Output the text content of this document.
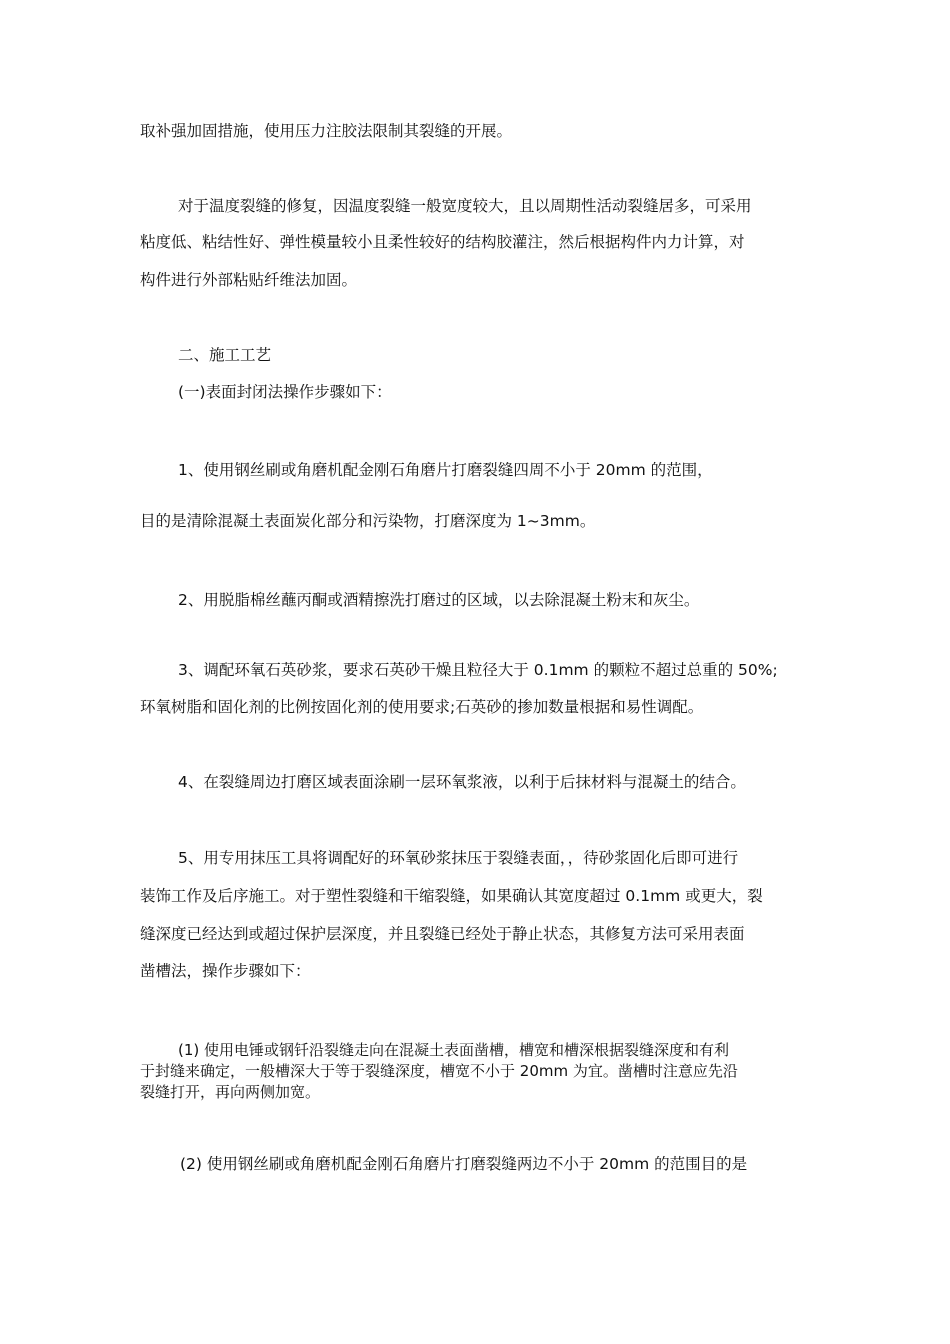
取补强加固措施，使用压力注胶法限制其裂缝的开展。
对于温度裂缝的修复，因温度裂缝一般宽度较大，且以周期性活动裂缝居多，可采用
粘度低、粘结性好、弹性模量较小且柔性较好的结构胶灌注，然后根据构件内力计算，对
构件进行外部粘贴纤维法加固。
二、施工工艺
(一)表面封闭法操作步骤如下：
1、使用钢丝刷或角磨机配金刚石角磨片打磨裂缝四周不小于 20mm 的范围，
目的是清除混凝土表面炭化部分和污染物，打磨深度为 1~3mm。
2、用脱脂棉丝蘸丙酮或酒精擦洗打磨过的区域，以去除混凝土粉末和灰尘。
3、调配环氧石英砂浆，要求石英砂干燥且粒径大于 0.1mm 的颗粒不超过总重的 50%;
环氧树脂和固化剂的比例按固化剂的使用要求;石英砂的掺加数量根据和易性调配。
4、在裂缝周边打磨区域表面涂刷一层环氧浆液，以利于后抹材料与混凝土的结合。
5、用专用抹压工具将调配好的环氧砂浆抹压于裂缝表面，，待砂浆固化后即可进行
装饰工作及后序施工。对于塑性裂缝和干缩裂缝，如果确认其宽度超过 0.1mm 或更大，裂
缝深度已经达到或超过保护层深度，并且裂缝已经处于静止状态，其修复方法可采用表面
凿槽法，操作步骤如下：
(1) 使用电锤或钢钎沿裂缝走向在混凝土表面凿槽，槽宽和槽深根据裂缝深度和有利
于封缝来确定，一般槽深大于等于裂缝深度，槽宽不小于 20mm 为宜。凿槽时注意应先沿
裂缝打开，再向两侧加宽。
(2) 使用钢丝刷或角磨机配金刚石角磨片打磨裂缝两边不小于 20mm 的范围目的是
